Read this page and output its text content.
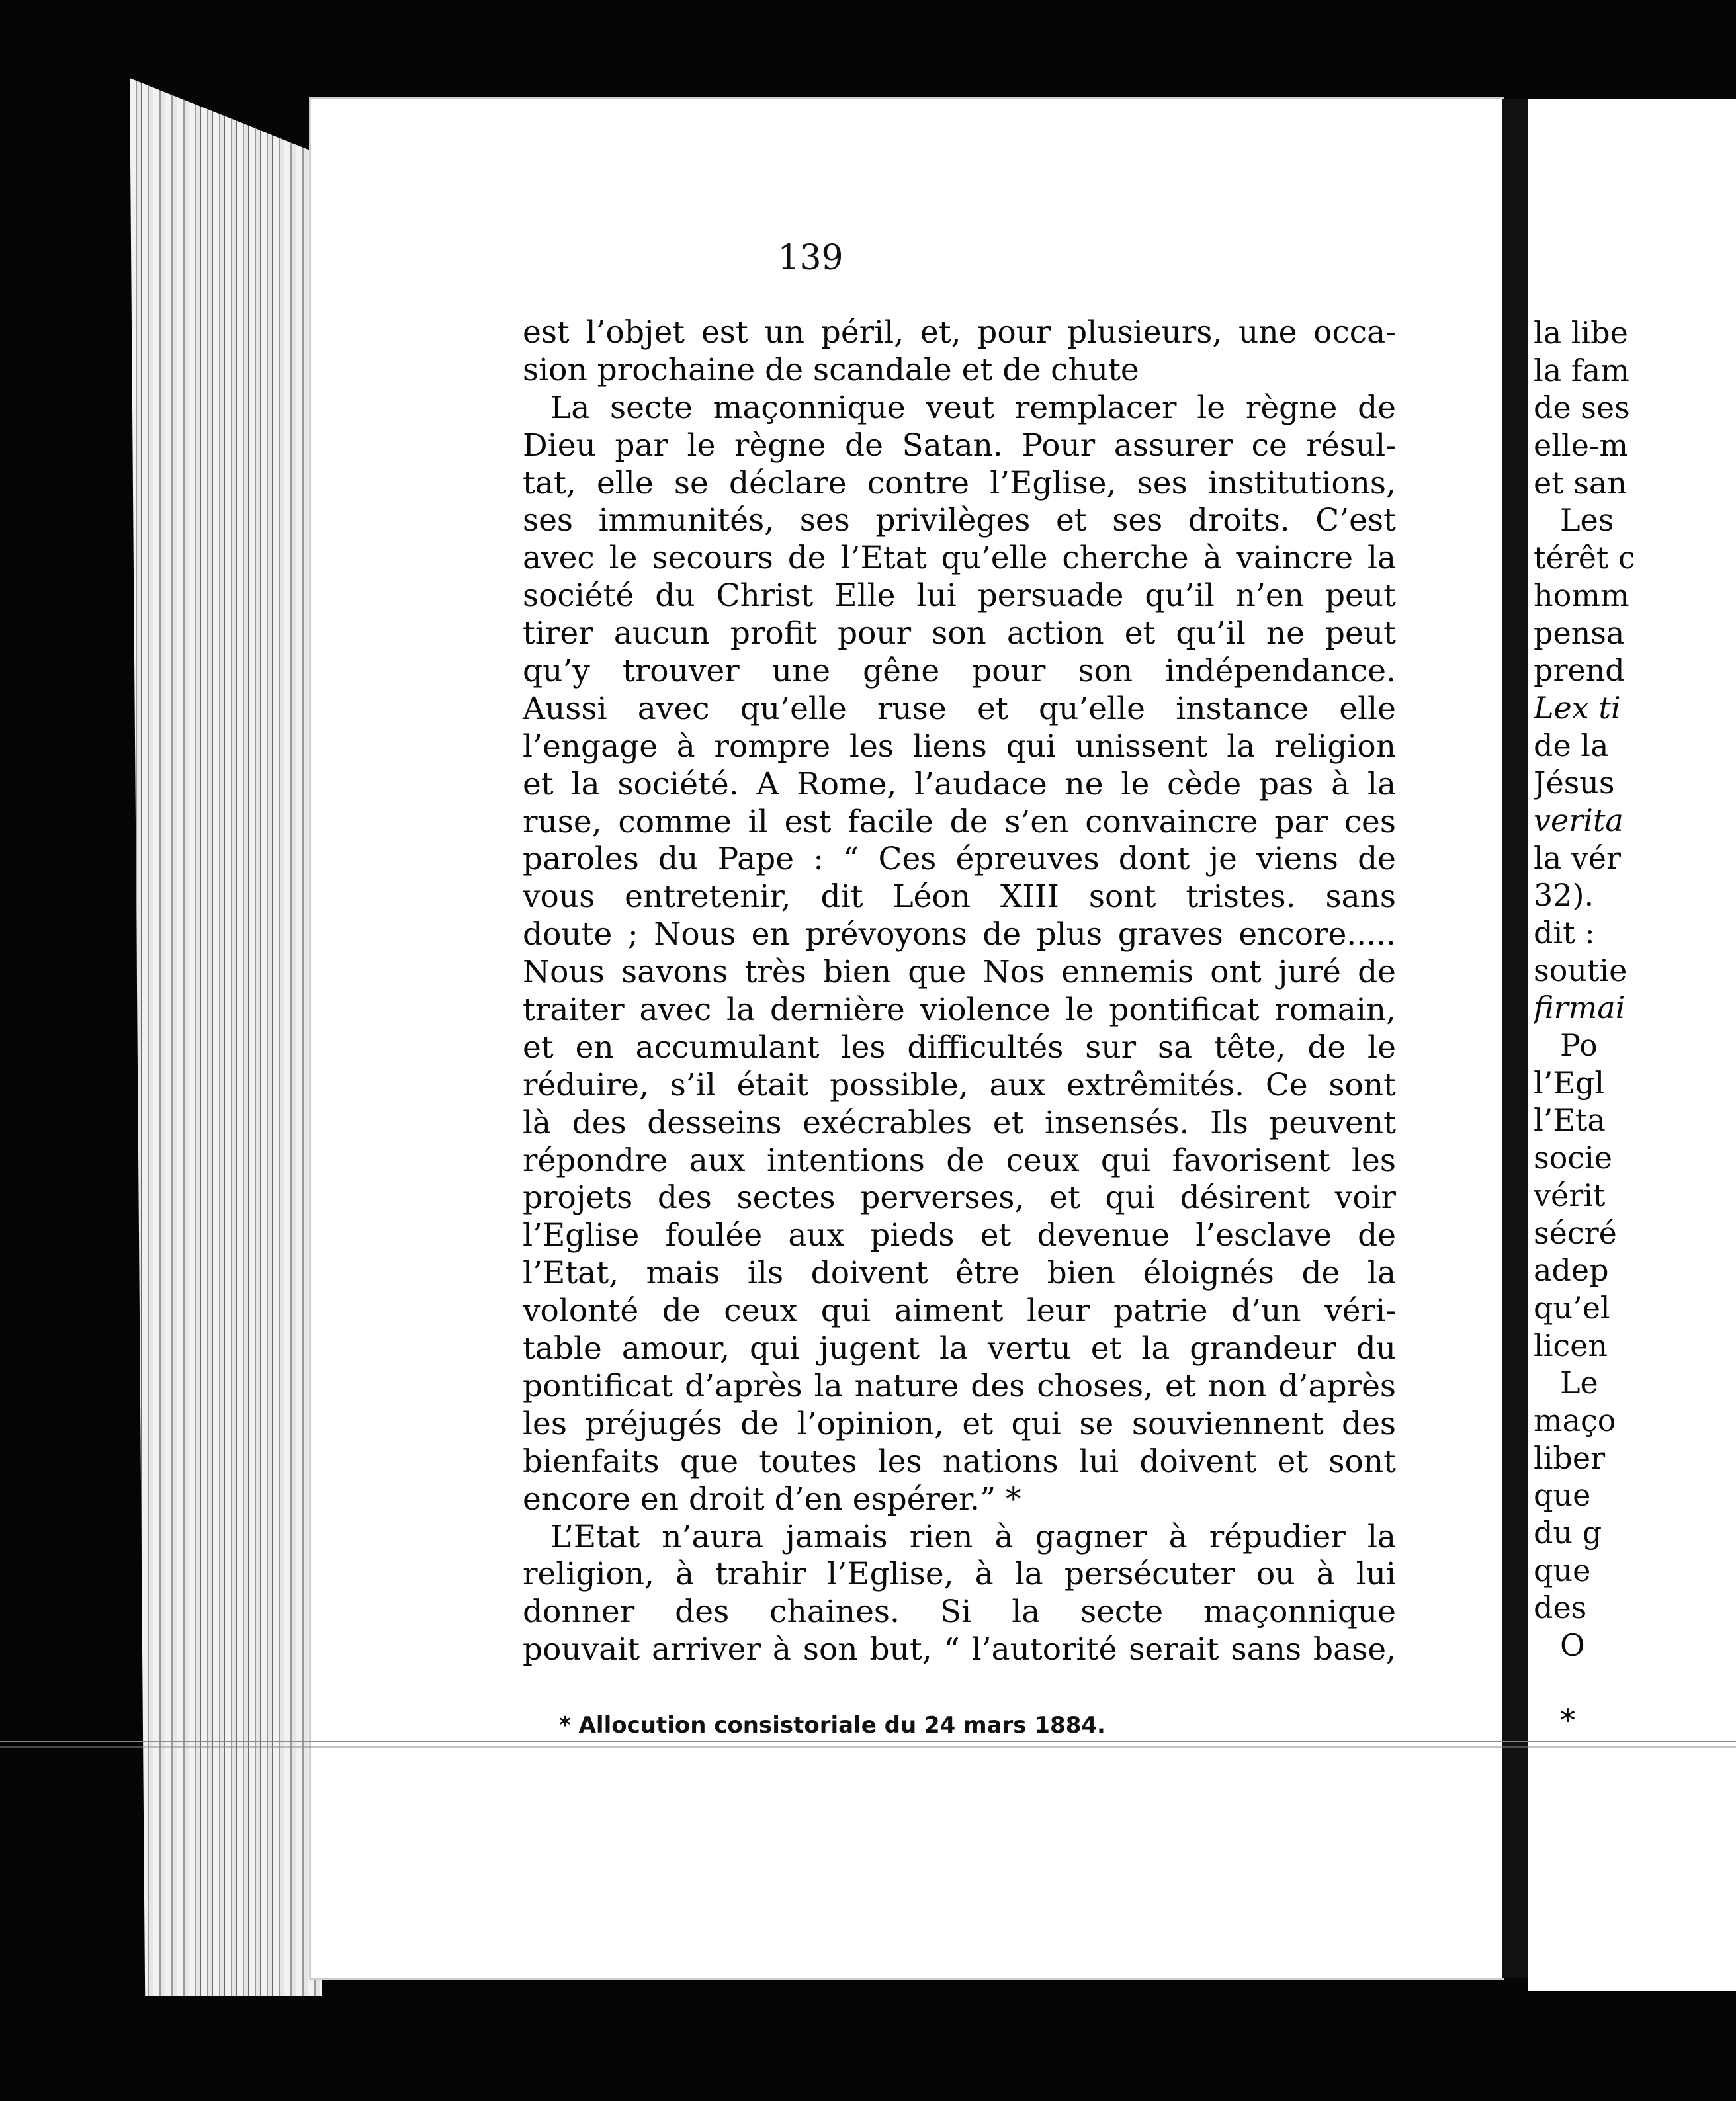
139
est l’objet est un péril, et, pour plusieurs, une occa-
sion prochaine de scandale et de chute
La secte maçonnique veut remplacer le règne de
Dieu par le règne de Satan. Pour assurer ce résul-
tat, elle se déclare contre l’Eglise, ses institutions,
ses immunités, ses privilèges et ses droits. C’est
avec le secours de l’Etat qu’elle cherche à vaincre la
société du Christ Elle lui persuade qu’il n’en peut
tirer aucun profit pour son action et qu’il ne peut
qu’y trouver une gêne pour son indépendance.
Aussi avec qu’elle ruse et qu’elle instance elle
l’engage à rompre les liens qui unissent la religion
et la société. A Rome, l’audace ne le cède pas à la
ruse, comme il est facile de s’en convaincre par ces
paroles du Pape : “ Ces épreuves dont je viens de
vous entretenir, dit Léon XIII sont tristes. sans
doute ; Nous en prévoyons de plus graves encore.....
Nous savons très bien que Nos ennemis ont juré de
traiter avec la dernière violence le pontificat romain,
et en accumulant les difficultés sur sa tête, de le
réduire, s’il était possible, aux extrêmités. Ce sont
là des desseins exécrables et insensés. Ils peuvent
répondre aux intentions de ceux qui favorisent les
projets des sectes perverses, et qui désirent voir
l’Eglise foulée aux pieds et devenue l’esclave de
l’Etat, mais ils doivent être bien éloignés de la
volonté de ceux qui aiment leur patrie d’un véri-
table amour, qui jugent la vertu et la grandeur du
pontificat d’après la nature des choses, et non d’après
les préjugés de l’opinion, et qui se souviennent des
bienfaits que toutes les nations lui doivent et sont
encore en droit d’en espérer.” *
L’Etat n’aura jamais rien à gagner à répudier la
religion, à trahir l’Eglise, à la persécuter ou à lui
donner des chaines. Si la secte maçonnique
pouvait arriver à son but, “ l’autorité serait sans base,
* Allocution consistoriale du 24 mars 1884.
la libe
la fam
de ses
elle-m
et san
Les
térêt c
homm
pensa
prend
Lex ti
de la
Jésus
verita
la vér
32).
dit :
soutie
firmai
Po
l’Egl
l’Eta
socie
vérit
sécré
adep
qu’el
licen
Le
maço
liber
que
du g
que
des
O
*
